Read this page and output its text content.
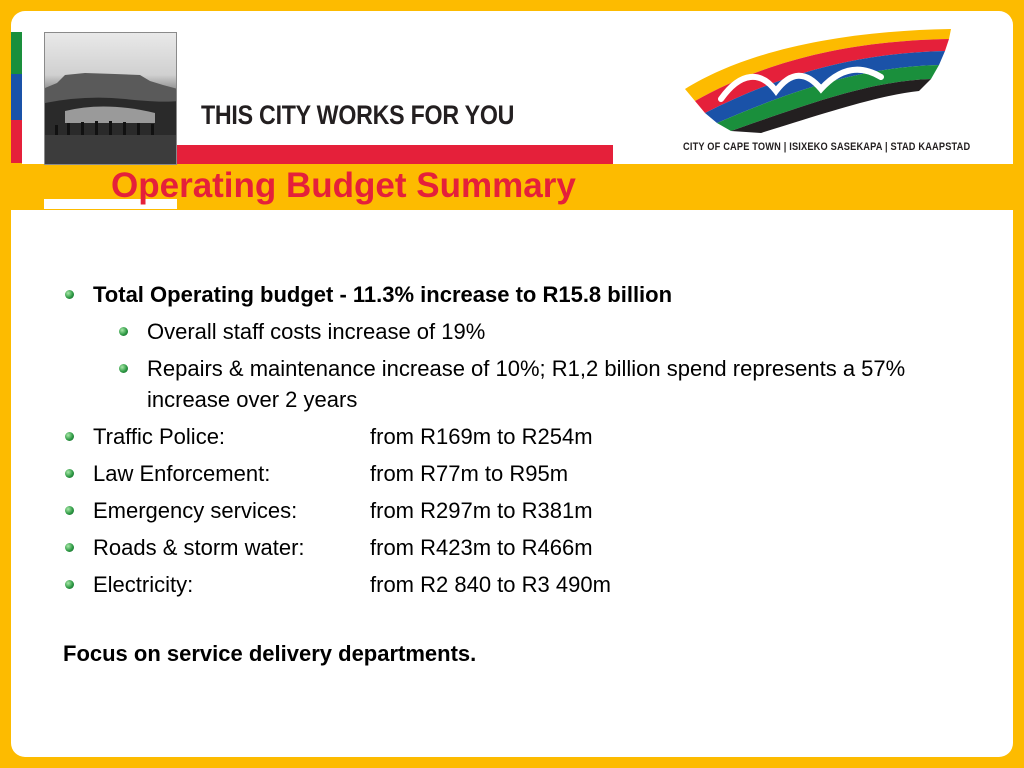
THIS CITY WORKS FOR YOU

CITY OF CAPE TOWN | ISIXEKO SASEKAPA | STAD KAAPSTAD

Operating Budget Summary
Total Operating budget - 11.3% increase to R15.8 billion
Overall staff costs increase of 19%
Repairs & maintenance increase of 10%; R1,2 billion spend represents a 57% increase over 2 years
Traffic Police:	from R169m to R254m
Law Enforcement:	from R77m to R95m
Emergency services:	from R297m to R381m
Roads & storm water:	from R423m to R466m
Electricity:	from R2 840 to R3 490m

Focus on service delivery departments.
